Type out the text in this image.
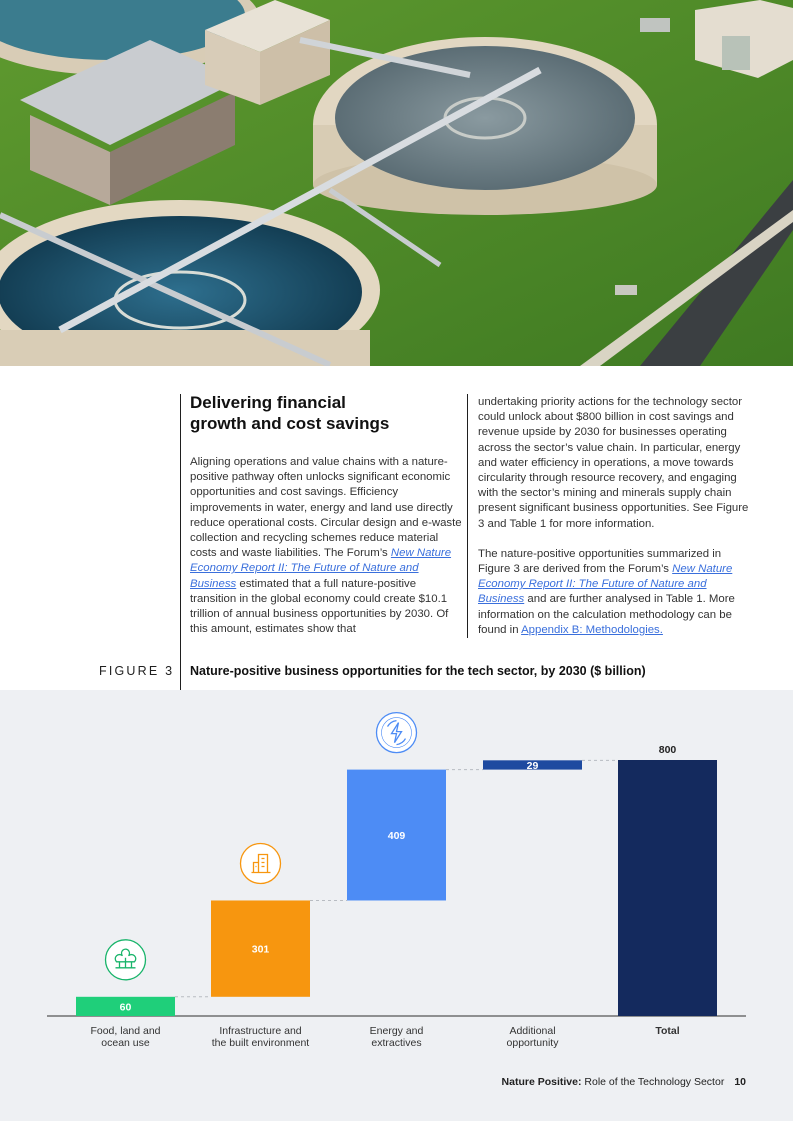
Delivering financial
growth and cost savings

Aligning operations and value chains with a nature-positive pathway often unlocks significant economic opportunities and cost savings. Efficiency improvements in water, energy and land use directly reduce operational costs. Circular design and e-waste collection and recycling schemes reduce material costs and waste liabilities. The Forum’s New Nature Economy Report II: The Future of Nature and Business estimated that a full nature-positive transition in the global economy could create $10.1 trillion of annual business opportunities by 2030. Of this amount, estimates show that

undertaking priority actions for the technology sector could unlock about $800 billion in cost savings and revenue upside by 2030 for businesses operating across the sector’s value chain. In particular, energy and water efficiency in operations, a move towards circularity through resource recovery, and engaging with the sector’s mining and minerals supply chain present significant business opportunities. See Figure 3 and Table 1 for more information.

The nature-positive opportunities summarized in Figure 3 are derived from the Forum’s New Nature Economy Report II: The Future of Nature and Business and are further analysed in Table 1. More information on the calculation methodology can be found in Appendix B: Methodologies.

FIGURE 3 Nature-positive business opportunities for the tech sector, by 2030 ($ billion)
60
Food, land and
ocean use
301
Infrastructure and
the built environment
409
Energy and
extractives
29
Additional
opportunity
800
Total
Nature Positive: Role of the Technology Sector 10
